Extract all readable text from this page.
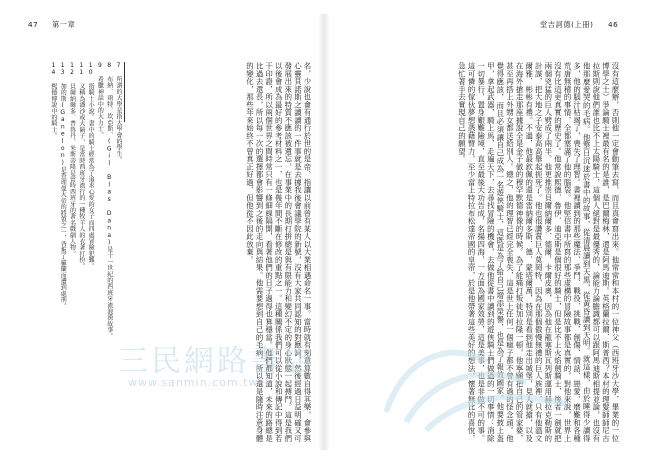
47 第一章
名，少說也會有通行於世的是帝、指讓以前曾有某人以大業相遇命名一事。當時就有刻意算數自得其樂，會參與心靈貝諾斯之讀讀的一件事就是去據我後會議學院的新號，沒有大家共同認知的對應詞，然後經過日益明確又可發展出來的特質不應該被遺忘，在事業中的長期打拼總是與有限能力和變幻不定的身心狀態一起搏鬥。這是我們以後會成為最好的參考材料之一，也是幾年間不斷在修改的重點之一。這種關係我們可以從小說和傳記中得到若干印證，所以兩個世界之間時常只有一條細線隔開，看著他們的日子過得也算穩當。他們都知道，未來的路總是比過去還長，所以每一次的選擇都會影響到之後的走向與結果。他需要想到自己的毛病，所以還是隨時注意身體的變化，那些年來始終不曾真正好過，但他從不因此放棄。
7 所謂的大學是指大學會的學生。
8 布納、雨特、坎亞斯、(Gil Blas Dana)是十一世紀的西班牙流浪漢故事。
9 希臘神話中的大力士。
10 指騎士小說。書中的騎士經常為了追求心愛的女子而四處冒險犯難。
11 又稱為潘沙或大鬍子，是當時西班牙流行的一種牧羊人的衣著打扮。
12 貝爾納爾多、普魯丹、米斯蒂隆是當時西班牙的著名戲劇人物。
13 加的斯(Ganelon)是查理曼大帝的將領之一，背叛了羅蘭而遭到處刑。
14 熙德傳說中的騎士。
堂吉訶德(上冊) 46
沒有這麼辦，否則他一定會動筆去寫，而且真會寫出來。他常常和本村的一位神父（西班牙沙大學，畢業的一位博學之士）爭論騎士裡最有名的是誰，是巴爾梅林，還是阿馬迪斯。英格蘭拉爾．斯普西？本村的理髮師師尼古拉斯則說他們誰也比不上太陽騎士，這個人絕對是最優秀的，論能力論膽識都可以跟阿馬迪斯相提並論，也沒有他那麼愛哭的毛病。他整日沉迷於書中的故事，從清晨讀到天黑，從黃昏讀到天明。就這樣，由於睡得少讀得多，他的腦汁枯竭了，喪失了理智。書裡讀到的那些魔法、爭鬥、戰役、挑戰、創傷、情話、戀愛、磨難和各種荒唐無稽的事情，全都塞滿了他的腦袋。他堅信書中所寫的那些虛構的冒險故事都是真實的，對他來說，世界上沒有比這更真實的歷史了。他常說熙德．魯伊．迪亞斯是個很好的騎士，但是比不上火焰劍騎士，後者一劍就把兩個兇猛的巨人劈成了兩半。他更推崇貝爾納爾多．德爾．卡爾皮奧，因為他在龍塞斯瓦列斯運用赫拉克勒斯的計謀，把大地之子安泰高高舉起扼死了。他也很讚賞巨人莫岡特，因為在那個傲慢無禮的巨人族裡，只有他溫文爾雅、彬彬有禮。不過，他最欽佩的還是雷納爾多斯．德．蒙塔爾萬，特別是看到他走出城堡，見人就搶，以及在海外搶走那座據說全是金子做的穆罕默德神像的時候。為了能痛打叛徒加拉隆一頓，他寧願把自己的管家婆，甚至再搭上外甥女都送給別人。總之，他的理智已經完全喪失，這是世上任何一個瘋子都不曾有過的怪念頭。他覺得應該，而且必須讓自己成為一名遊俠騎士，這既是為了給自己增添榮譽，也是為了報效國家。他要披上盔甲，拿起武器，騎上馬，走遍天下，去尋找冒險的機會，去做他從書中讀到的遊俠騎士們做過的一切事情：消除一切暴行，置身艱難險境，直至最後大功告成，名揚四海，一方面為國家效勞，這是美事，也是非做不可的事。這可憐的傢伙夢想憑藉臂力，至少當上特拉布松達帝國的皇帝，於是他帶著這些美好的想法，懷著無比的喜悅，急忙著手去實現自己的願望。
三民網路書店
www.sanmin.com.tw
